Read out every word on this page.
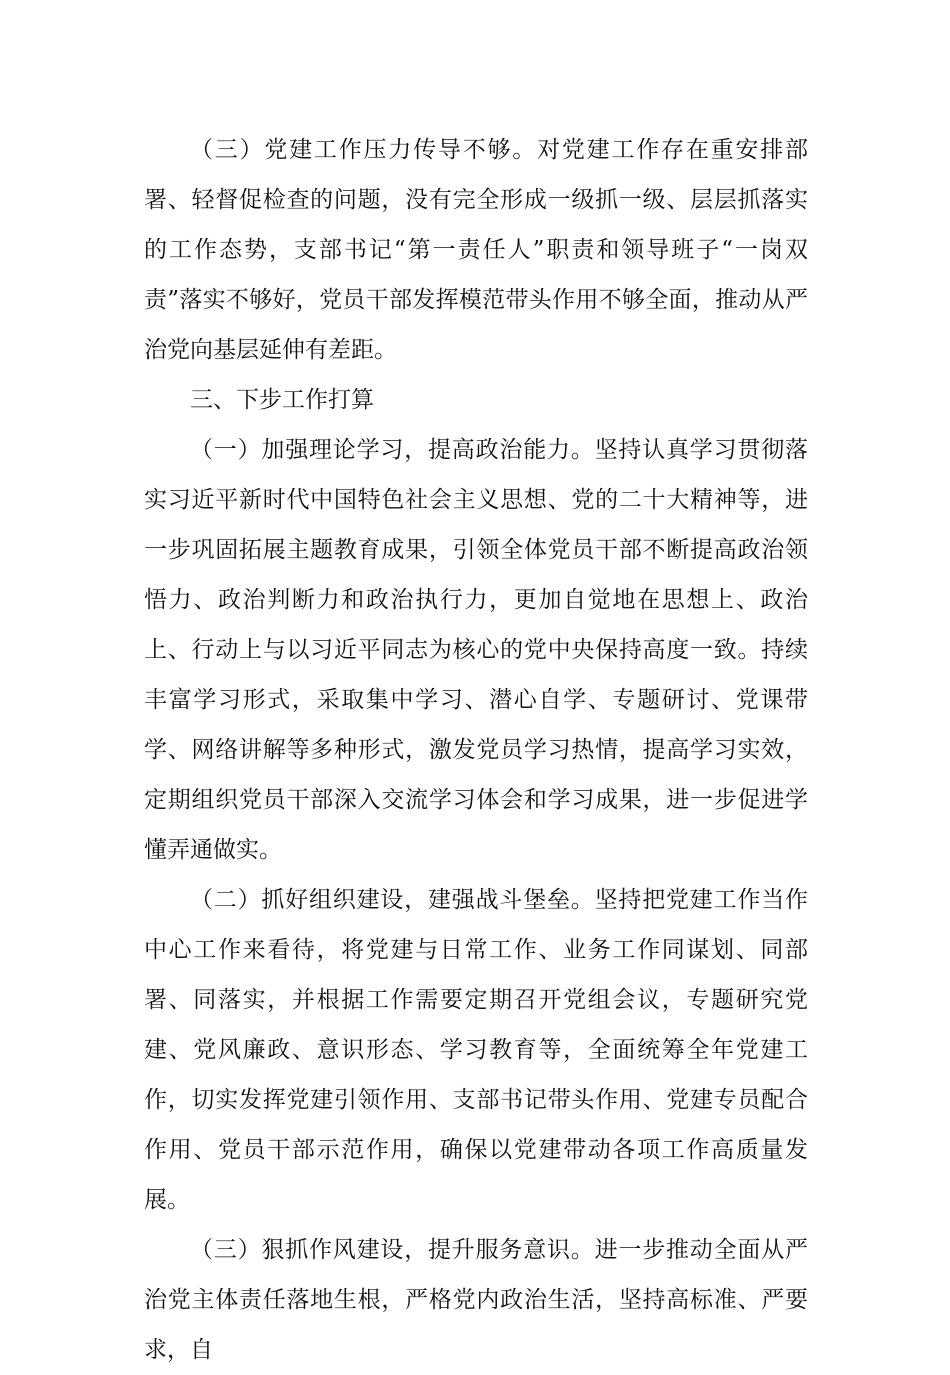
（三）党建工作压力传导不够。对党建工作存在重安排部署、轻督促检查的问题，没有完全形成一级抓一级、层层抓落实的工作态势，支部书记“第一责任人”职责和领导班子“一岗双责”落实不够好，党员干部发挥模范带头作用不够全面，推动从严治党向基层延伸有差距。

三、下步工作打算

（一）加强理论学习，提高政治能力。坚持认真学习贯彻落实习近平新时代中国特色社会主义思想、党的二十大精神等，进一步巩固拓展主题教育成果，引领全体党员干部不断提高政治领悟力、政治判断力和政治执行力，更加自觉地在思想上、政治上、行动上与以习近平同志为核心的党中央保持高度一致。持续丰富学习形式，采取集中学习、潜心自学、专题研讨、党课带学、网络讲解等多种形式，激发党员学习热情，提高学习实效，定期组织党员干部深入交流学习体会和学习成果，进一步促进学懂弄通做实。

（二）抓好组织建设，建强战斗堡垒。坚持把党建工作当作中心工作来看待，将党建与日常工作、业务工作同谋划、同部署、同落实，并根据工作需要定期召开党组会议，专题研究党建、党风廉政、意识形态、学习教育等，全面统筹全年党建工作，切实发挥党建引领作用、支部书记带头作用、党建专员配合作用、党员干部示范作用，确保以党建带动各项工作高质量发展。

（三）狠抓作风建设，提升服务意识。进一步推动全面从严治党主体责任落地生根，严格党内政治生活，坚持高标准、严要求，自
